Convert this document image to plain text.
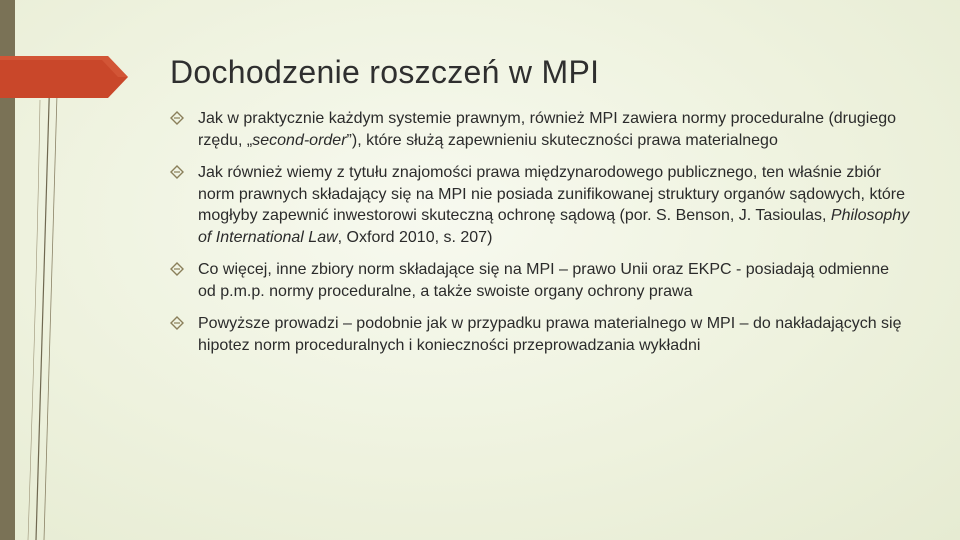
Dochodzenie roszczeń w MPI
Jak w praktycznie każdym systemie prawnym, również MPI zawiera normy proceduralne (drugiego rzędu, „second-order”), które służą zapewnieniu skuteczności prawa materialnego
Jak również wiemy z tytułu znajomości prawa międzynarodowego publicznego, ten właśnie zbiór norm prawnych składający się na MPI nie posiada zunifikowanej struktury organów sądowych, które mogłyby zapewnić inwestorowi skuteczną ochronę sądową (por. S. Benson, J. Tasioulas, Philosophy of International Law, Oxford 2010, s. 207)
Co więcej, inne zbiory norm składające się na MPI – prawo Unii oraz EKPC - posiadają odmienne od p.m.p. normy proceduralne, a także swoiste organy ochrony prawa
Powyższe prowadzi – podobnie jak w przypadku prawa materialnego w MPI – do nakładających się hipotez norm proceduralnych i konieczności przeprowadzania wykładni
